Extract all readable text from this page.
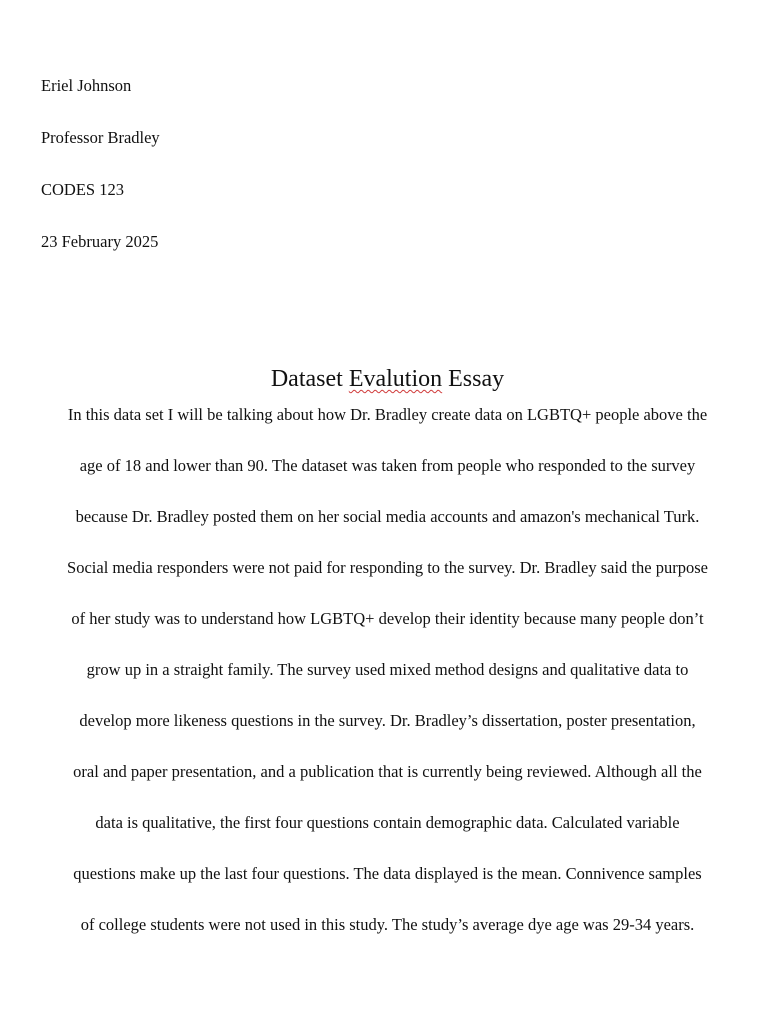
Eriel Johnson
Professor Bradley
CODES 123
23 February 2025
Dataset Evalution Essay
In this data set I will be talking about how Dr. Bradley create data on LGBTQ+ people above the
age of 18 and lower than 90. The dataset was taken from people who responded to the survey
because Dr. Bradley posted them on her social media accounts and amazon's mechanical Turk.
Social media responders were not paid for responding to the survey. Dr. Bradley said the purpose
of her study was to understand how LGBTQ+ develop their identity because many people don’t
grow up in a straight family. The survey used mixed method designs and qualitative data to
develop more likeness questions in the survey. Dr. Bradley’s dissertation, poster presentation,
oral and paper presentation, and a publication that is currently being reviewed. Although all the
data is qualitative, the first four questions contain demographic data. Calculated variable
questions make up the last four questions. The data displayed is the mean. Connivence samples
of college students were not used in this study. The study’s average dye age was 29-34 years.
